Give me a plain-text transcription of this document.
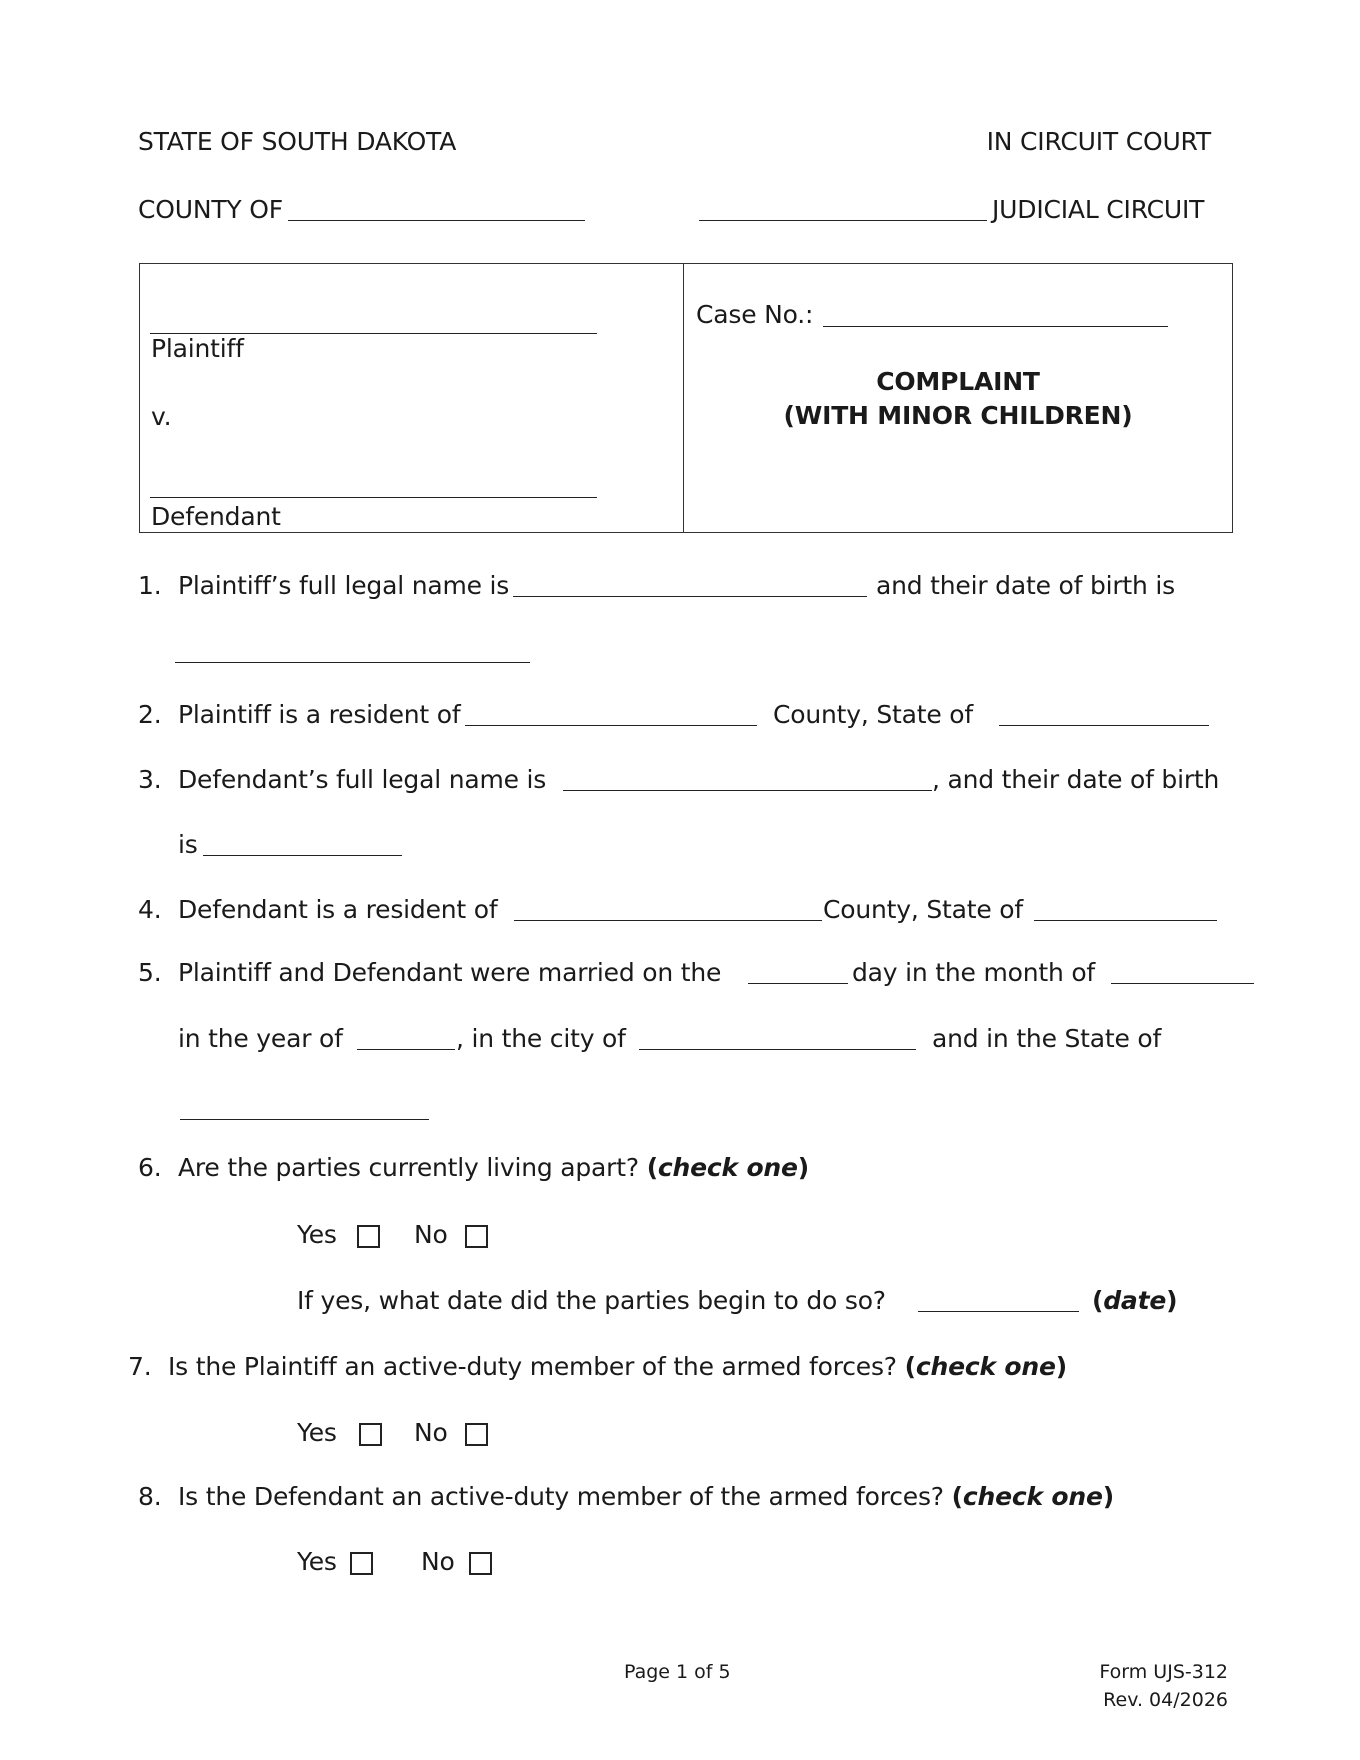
STATE OF SOUTH DAKOTA	IN CIRCUIT COURT
COUNTY OF	JUDICIAL CIRCUIT
Plaintiff
v.
Defendant
Case No.:
COMPLAINT
(WITH MINOR CHILDREN)
1. Plaintiff’s full legal name is	and their date of birth is
2. Plaintiff is a resident of	County, State of
3. Defendant’s full legal name is	, and their date of birth
is
4. Defendant is a resident of	County, State of
5. Plaintiff and Defendant were married on the	day in the month of
in the year of	, in the city of	and in the State of
6. Are the parties currently living apart? (check one)
Yes	No
If yes, what date did the parties begin to do so?	(date)
7. Is the Plaintiff an active-duty member of the armed forces? (check one)
Yes	No
8. Is the Defendant an active-duty member of the armed forces? (check one)
Yes	No
Page 1 of 5	Form UJS-312
Rev. 04/2026
